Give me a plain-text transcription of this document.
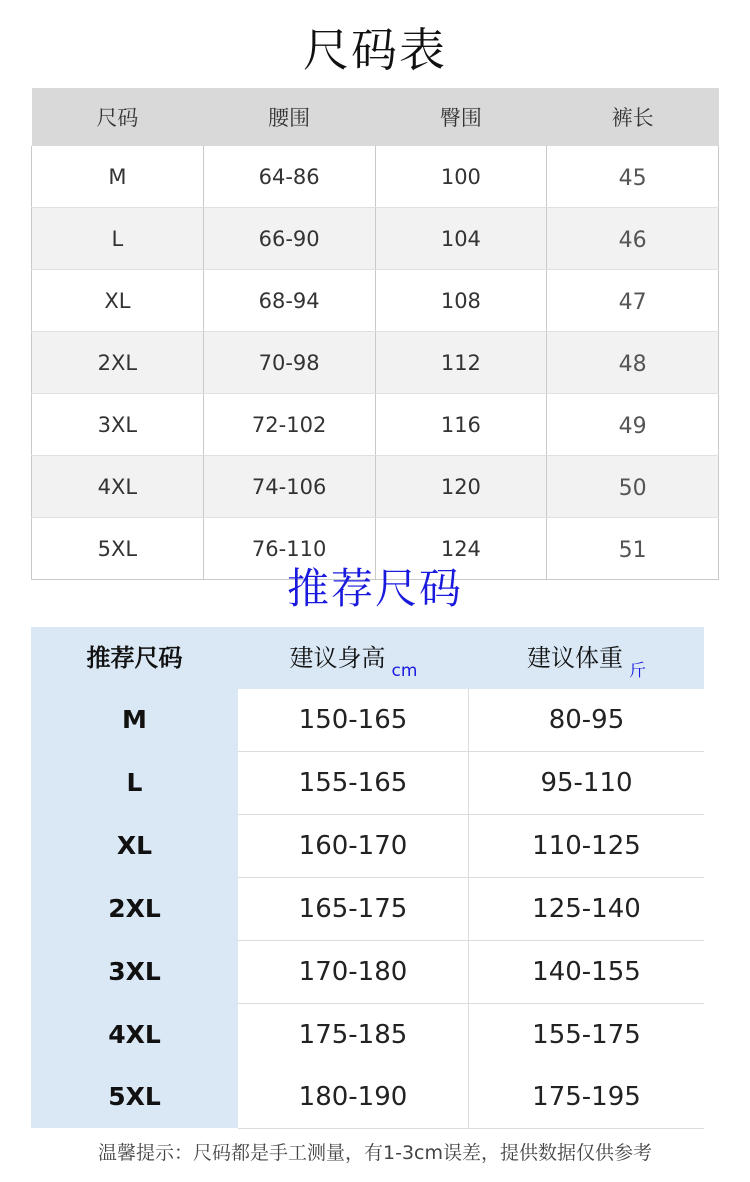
尺码表
尺码	腰围	臀围	裤长
M	64-86	100	45
L	66-90	104	46
XL	68-94	108	47
2XL	70-98	112	48
3XL	72-102	116	49
4XL	74-106	120	50
5XL	76-110	124	51
推荐尺码
推荐尺码	建议身高 $_{cm}$	建议体重 $_斤$
M	150-165	80-95
L	155-165	95-110
XL	160-170	110-125
2XL	165-175	125-140
3XL	170-180	140-155
4XL	175-185	155-175
5XL	180-190	175-195
温馨提示：尺码都是手工测量，有1-3cm误差，提供数据仅供参考
